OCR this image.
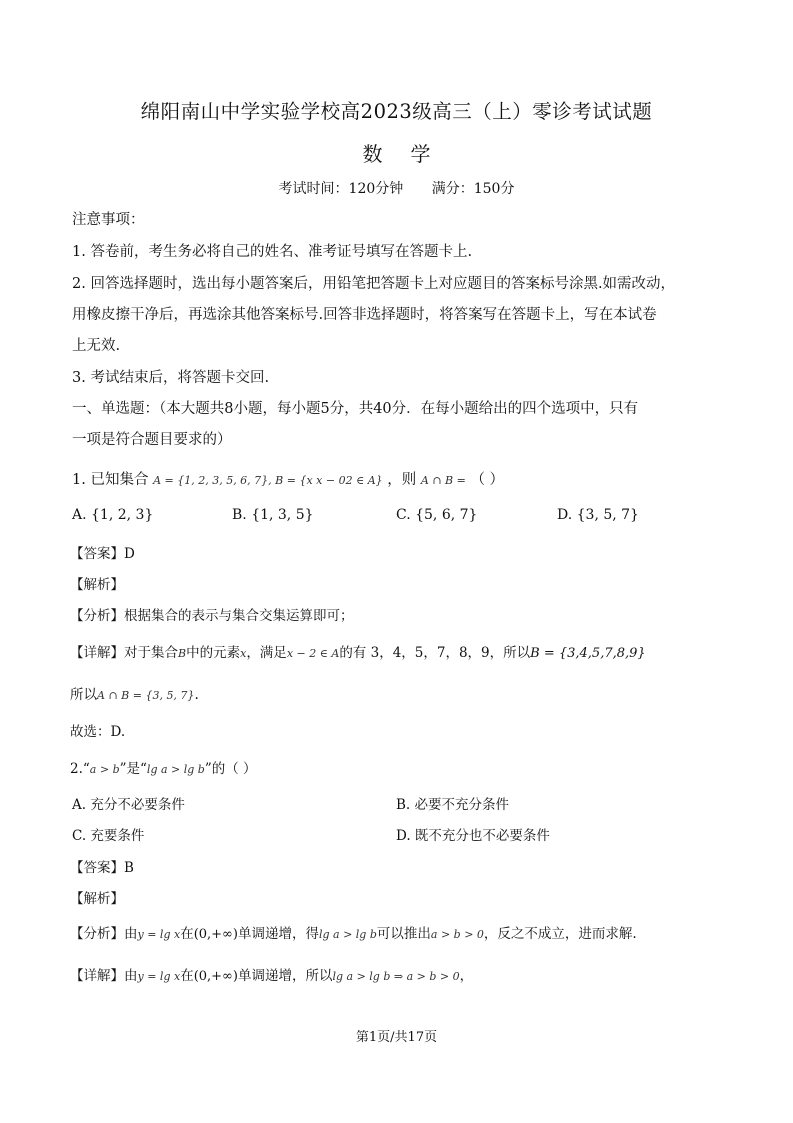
绵阳南山中学实验学校高2023级高三（上）零诊考试试题
数学
考试时间：120分钟 满分：150分
注意事项：
1. 答卷前，考生务必将自己的姓名、准考证号填写在答题卡上.
2. 回答选择题时，选出每小题答案后，用铅笔把答题卡上对应题目的答案标号涂黑.如需改动，
用橡皮擦干净后，再选涂其他答案标号.回答非选择题时，将答案写在答题卡上，写在本试卷
上无效.
3. 考试结束后，将答题卡交回.
一、单选题：（本大题共8小题，每小题5分，共40分．在每小题给出的四个选项中，只有
一项是符合题目要求的）
1. 已知集合 A = {1, 2, 3, 5, 6, 7}, B = {x x − 02 ∈ A} ，则 A ∩ B = （ ）
A. {1, 2, 3}	B. {1, 3, 5}	C. {5, 6, 7}	D. {3, 5, 7}
【答案】D
【解析】
【分析】根据集合的表示与集合交集运算即可；
【详解】对于集合B中的元素x，满足x − 2 ∈ A的有 3，4，5，7，8，9，所以B = {3,4,5,7,8,9}
所以A ∩ B = {3, 5, 7}.
故选：D.
2.“a > b”是“lg a > lg b”的（ ）
A. 充分不必要条件	B. 必要不充分条件
C. 充要条件	D. 既不充分也不必要条件
【答案】B
【解析】
【分析】由y = lg x在(0,+∞)单调递增，得lg a > lg b可以推出a > b > 0，反之不成立，进而求解.
【详解】由y = lg x在(0,+∞)单调递增，所以lg a > lg b ⇒ a > b > 0，
第1页/共17页
